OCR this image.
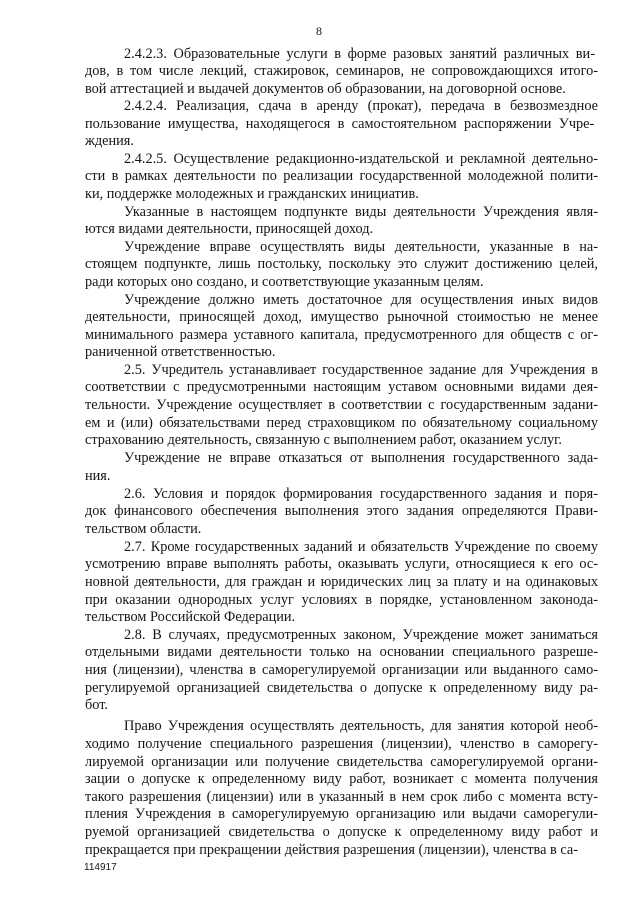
8
2.4.2.3. Образовательные услуги в форме разовых занятий различных ви-
дов, в том числе лекций, стажировок, семинаров, не сопровождающихся итого-
вой аттестацией и выдачей документов об образовании, на договорной основе.
2.4.2.4. Реализация, сдача в аренду (прокат), передача в безвозмездное
пользование имущества, находящегося в самостоятельном распоряжении Учре-
ждения.
2.4.2.5. Осуществление редакционно-издательской и рекламной деятельно-
сти в рамках деятельности по реализации государственной молодежной полити-
ки, поддержке молодежных и гражданских инициатив.
Указанные в настоящем подпункте виды деятельности Учреждения явля-
ются видами деятельности, приносящей доход.
Учреждение вправе осуществлять виды деятельности, указанные в на-
стоящем подпункте, лишь постольку, поскольку это служит достижению целей,
ради которых оно создано, и соответствующие указанным целям.
Учреждение должно иметь достаточное для осуществления иных видов
деятельности, приносящей доход, имущество рыночной стоимостью не менее
минимального размера уставного капитала, предусмотренного для обществ с ог-
раниченной ответственностью.
2.5. Учредитель устанавливает государственное задание для Учреждения в
соответствии с предусмотренными настоящим уставом основными видами дея-
тельности. Учреждение осуществляет в соответствии с государственным задани-
ем и (или) обязательствами перед страховщиком по обязательному социальному
страхованию деятельность, связанную с выполнением работ, оказанием услуг.
Учреждение не вправе отказаться от выполнения государственного зада-
ния.
2.6. Условия и порядок формирования государственного задания и поря-
док финансового обеспечения выполнения этого задания определяются Прави-
тельством области.
2.7. Кроме государственных заданий и обязательств Учреждение по своему
усмотрению вправе выполнять работы, оказывать услуги, относящиеся к его ос-
новной деятельности, для граждан и юридических лиц за плату и на одинаковых
при оказании однородных услуг условиях в порядке, установленном законода-
тельством Российской Федерации.
2.8. В случаях, предусмотренных законом, Учреждение может заниматься
отдельными видами деятельности только на основании специального разреше-
ния (лицензии), членства в саморегулируемой организации или выданного само-
регулируемой организацией свидетельства о допуске к определенному виду ра-
бот.
Право Учреждения осуществлять деятельность, для занятия которой необ-
ходимо получение специального разрешения (лицензии), членство в саморегу-
лируемой организации или получение свидетельства саморегулируемой органи-
зации о допуске к определенному виду работ, возникает с момента получения
такого разрешения (лицензии) или в указанный в нем срок либо с момента всту-
пления Учреждения в саморегулируемую организацию или выдачи саморегули-
руемой организацией свидетельства о допуске к определенному виду работ и
прекращается при прекращении действия разрешения (лицензии), членства в са-
114917
